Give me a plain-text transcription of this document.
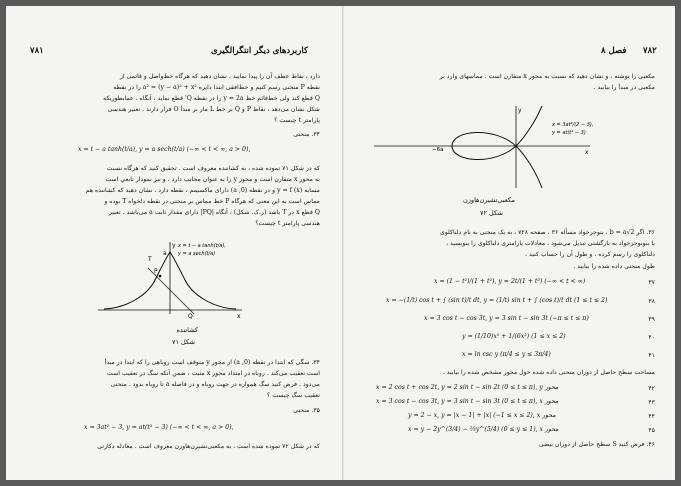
کاربرد‌های دیگر انتگرالگیری
۷۸۱

دارد ، نقاط عطف آن را پیدا نمایید ، نشان دهید که هرگاه خط‌واصل و قائمی از

نقطه P منحنی رسم کنیم و خط‌افقی ابتدا دایره a² = (y − a)² + x² را در نقطه

Q قطع کند ولی خط‌قائم خط y = 2a را در نقطه Q' قطع نماید ، آنگاه ، عمابطوریکه

شکل نشان می‌دهد ، نقاط P و Q بر خط L مار بر مبدأ O قرار دارند . تعبیر هندسی

پارامتر t چیست ؟

۳۴. منحنی

x = t − a tanh(t/a), y = a sech(t/a) (−∞ < t < ∞, a > 0),

که در شکل ۷۱ نموده شده ، به کشاننده معروف است . تحقیق کنید که هرگاه نسبت

به محور x متقارن است و محور y را به عنوان مجانب دارد ، و نیز نمودار تابعیِ است

مسابه (x) y = f و در نقطه (0, a) دارای ماکسیمم ، نقطه دارد . نشان دهید که کشاننده هم

مماس است به این معنی که هرگاه P خط مماس بر منحنی در نقطه دلخواه T بوده و

Q قطع x در T باشد (ر.ک. شکل) ، آنگاه |PQ| دارای مقدار ثابت a می‌باشد . تعبیر

هندسی پارامتر t چیست؟

T
P
Q
y
x
a
x = t − a tanh(t/a),
y = a sech(t/a)
کشاننده
شکل ۷۱

۳۴. سگی که ابتدا در نقطه (0, a) از محور y متوقف است روباهی را که ابتدا در مبدأ

است تعقیب می‌کند . روباه در امتداد محور x مثبت ، ضمن آنکه سگ در تعقیب است

می‌دود . فرض کنید سگ همواره در جهت روباه و در فاصله a تا روباه بدود . منحنی

تعقیب سگ چیست ؟

۳۵. منحنی

x = 3at² − 3, y = at(t² − 3) (−∞ < t < ∞, a > 0),

که در شکل ۷۲ نموده شده است ، به مکعبی‌تشیرن‌هاوزن معروف است . معادله دکارتی

۷۸۲
فصل ۸

مکعبی را نوشته ، و نشان دهید که نسبت به محور x متقارن است . مماسهای وارد بر

مکعبی در مبدأ را بیابید .

y
x
−6a
x = 3at²/(2 − 3),
y = at(t² − 3)
مکعبی‌تشیرن‌هاوزن
شکل ۷۲

۳۶. اگر b = a√2 ، بنوجرخواد مسأله ۳۶ ، صفحه ۷۲۸ ، به یک منحنی به نام دلناکلوی

یا بنونوجرخواد به بازگشتی تبدیل می‌شود . معادلات پارامتری دلناکلوی را بنویسید ،

دلناکلوی را رسم کرده ، و طول آن را حساب کنید .

طول منحنی داده شده را بیابید .

۳۷

x = (1 − t²)/(1 + t²), y = 2t/(1 + t²) (−∞ < t < ∞)

۳۸

x = −(1/t) cos t + ∫ (sin t)/t dt, y = (1/t) sin t + ∫ (cos t)/t dt (1 ≤ t ≤ 2)

۳۹

x = 3 cos t − cos 3t, y = 3 sin t − sin 3t (−π ≤ t ≤ π)

۴۰

y = (1/10)x⁵ + 1/(6x³) (1 ≤ x ≤ 2)

۴۱

x = ln csc y (π/4 ≤ y ≤ 3π/4)

مساحت سطح حاصل از دوران منحنی داده شده حول محور مشخص شده را بیابید .

۴۲

x = 2 cos t + cos 2t, y = 2 sin t − sin 2t (0 ≤ t ≤ π), y محور

۴۳

x = 3 cos t − cos 3t, y = 3 sin t − sin 3t (0 ≤ t ≤ π), x محور

۴۴

y = 2 − x, y = |x − 1| + |x| (−1 ≤ x ≤ 2), x محور

۴۵

x = y − 2y^(3/4) − ⅔y^(5/4) (0 ≤ y ≤ 1), x محور

۴۶. فرض کنید S سطح حاصل از دوران بیضی
